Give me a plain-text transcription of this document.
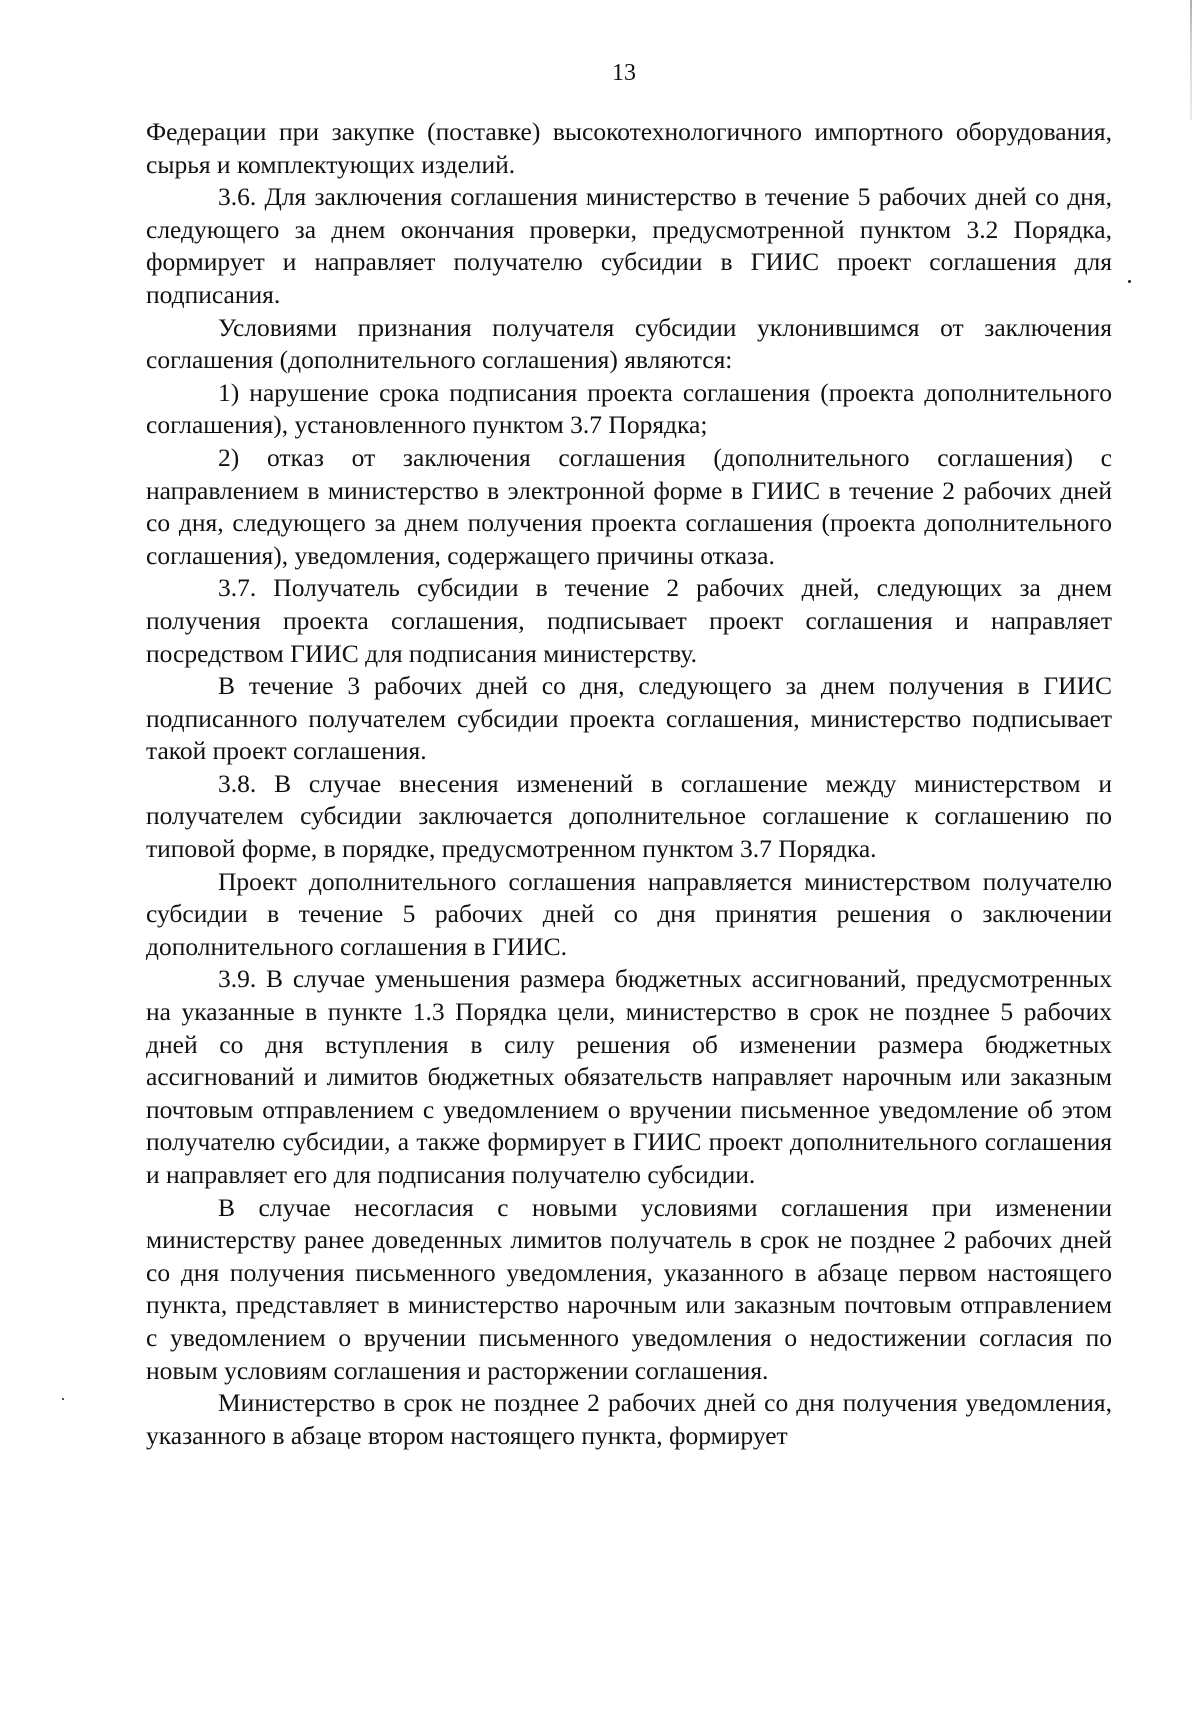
13

Федерации при закупке (поставке) высокотехнологичного импортного оборудования, сырья и комплектующих изделий.

3.6. Для заключения соглашения министерство в течение 5 рабочих дней со дня, следующего за днем окончания проверки, предусмотренной пунктом 3.2 Порядка, формирует и направляет получателю субсидии в ГИИС проект соглашения для подписания.

Условиями признания получателя субсидии уклонившимся от заключения соглашения (дополнительного соглашения) являются:

1) нарушение срока подписания проекта соглашения (проекта дополнительного соглашения), установленного пунктом 3.7 Порядка;

2) отказ от заключения соглашения (дополнительного соглашения) с направлением в министерство в электронной форме в ГИИС в течение 2 рабочих дней со дня, следующего за днем получения проекта соглашения (проекта дополнительного соглашения), уведомления, содержащего причины отказа.

3.7. Получатель субсидии в течение 2 рабочих дней, следующих за днем получения проекта соглашения, подписывает проект соглашения и направляет посредством ГИИС для подписания министерству.

В течение 3 рабочих дней со дня, следующего за днем получения в ГИИС подписанного получателем субсидии проекта соглашения, министерство подписывает такой проект соглашения.

3.8. В случае внесения изменений в соглашение между министерством и получателем субсидии заключается дополнительное соглашение к соглашению по типовой форме, в порядке, предусмотренном пунктом 3.7 Порядка.

Проект дополнительного соглашения направляется министерством получателю субсидии в течение 5 рабочих дней со дня принятия решения о заключении дополнительного соглашения в ГИИС.

3.9. В случае уменьшения размера бюджетных ассигнований, предусмотренных на указанные в пункте 1.3 Порядка цели, министерство в срок не позднее 5 рабочих дней со дня вступления в силу решения об изменении размера бюджетных ассигнований и лимитов бюджетных обязательств направляет нарочным или заказным почтовым отправлением с уведомлением о вручении письменное уведомление об этом получателю субсидии, а также формирует в ГИИС проект дополнительного соглашения и направляет его для подписания получателю субсидии.

В случае несогласия с новыми условиями соглашения при изменении министерству ранее доведенных лимитов получатель в срок не позднее 2 рабочих дней со дня получения письменного уведомления, указанного в абзаце первом настоящего пункта, представляет в министерство нарочным или заказным почтовым отправлением с уведомлением о вручении письменного уведомления о недостижении согласия по новым условиям соглашения и расторжении соглашения.

Министерство в срок не позднее 2 рабочих дней со дня получения уведомления, указанного в абзаце втором настоящего пункта, формирует
